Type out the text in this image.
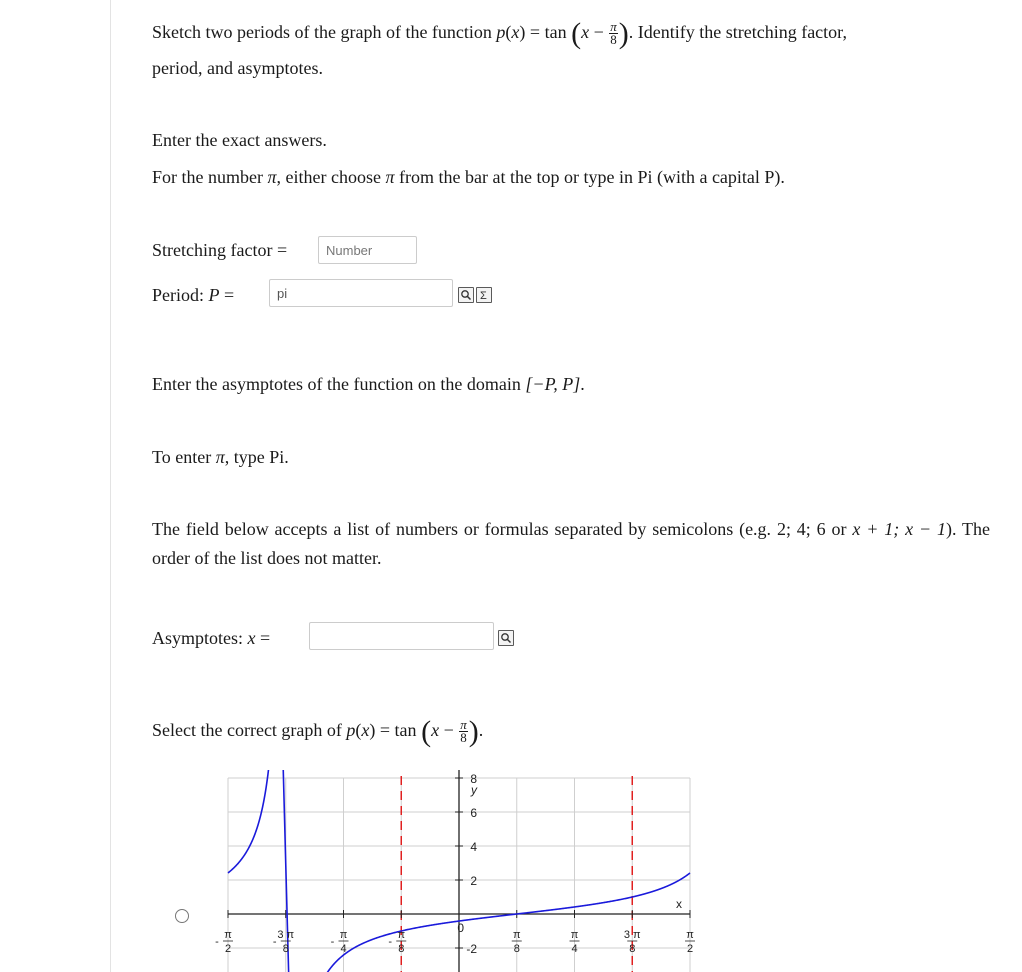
Sketch two periods of the graph of the function $p(x) = \tan (x - \frac{\pi}{8}$ ). Identify the stretching factor,
period, and asymptotes.
Enter the exact answers.
For the number π, either choose π from the bar at the top or type in Pi (with a capital P).
Stretching factor =
Period: P =
Enter the asymptotes of the function on the domain [−P, P].
To enter π, type Pi.
The field below accepts a list of numbers or formulas separated by semicolons (e.g. 2; 4; 6 or x + 1; x − 1). The order of the list does not matter.
Asymptotes: x =
Select the correct graph of $p(x) = \tan (x - \frac{\pi}{8}$ ).
Number
pi
Σ
x
y
-2
0
2
4
6
8
π
2
-
3 π
8
-
π
4
-
π
8
-
π
8
π
4
3 π
8
π
2
